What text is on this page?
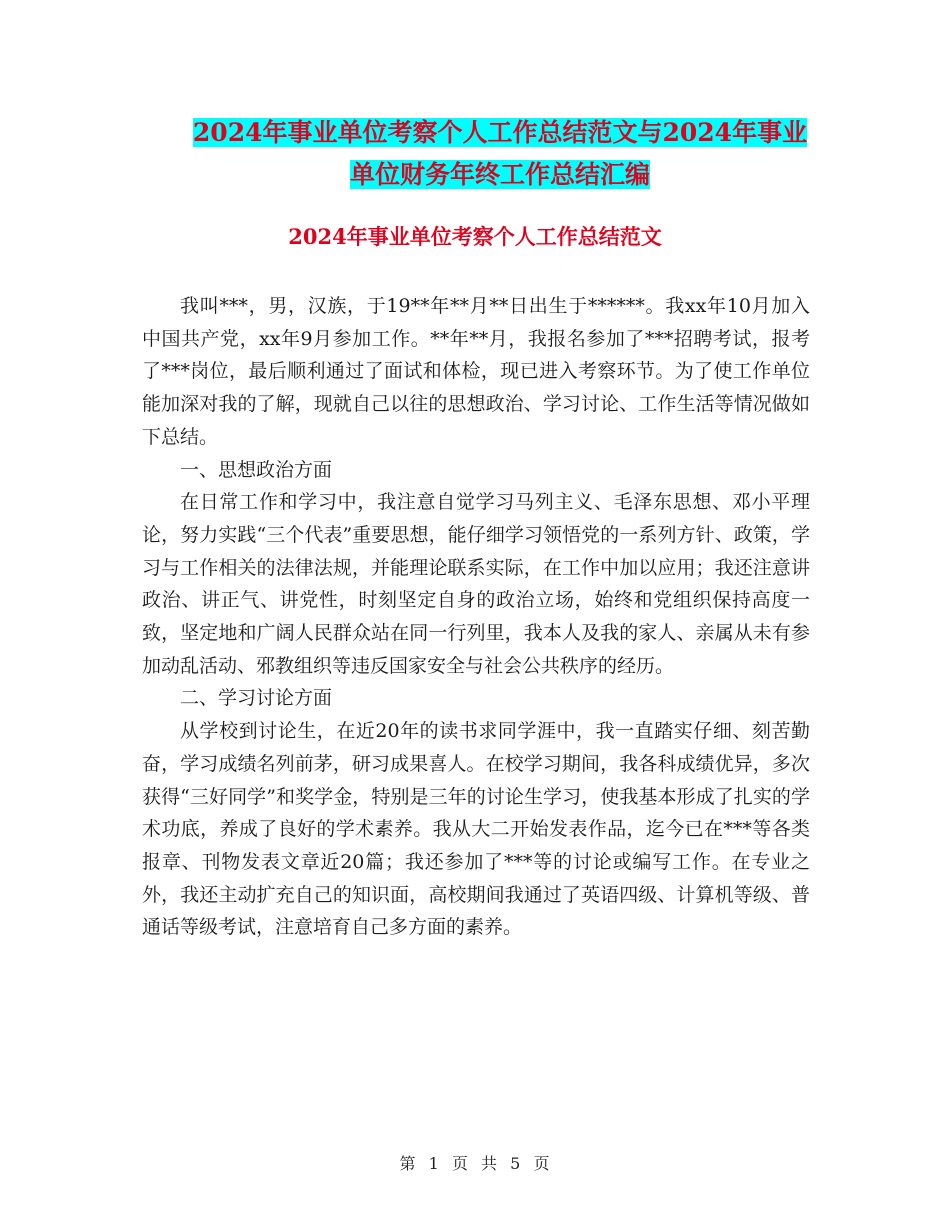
2024年事业单位考察个人工作总结范文与2024年事业
单位财务年终工作总结汇编
2024年事业单位考察个人工作总结范文

我叫***，男，汉族，于19**年**月**日出生于******。我xx年10月加入中国共产党，xx年9月参加工作。**年**月，我报名参加了***招聘考试，报考了***岗位，最后顺利通过了面试和体检，现已进入考察环节。为了使工作单位能加深对我的了解，现就自己以往的思想政治、学习讨论、工作生活等情况做如下总结。

一、思想政治方面

在日常工作和学习中，我注意自觉学习马列主义、毛泽东思想、邓小平理论，努力实践“三个代表”重要思想，能仔细学习领悟党的一系列方针、政策，学习与工作相关的法律法规，并能理论联系实际，在工作中加以应用；我还注意讲政治、讲正气、讲党性，时刻坚定自身的政治立场，始终和党组织保持高度一致，坚定地和广阔人民群众站在同一行列里，我本人及我的家人、亲属从未有参加动乱活动、邪教组织等违反国家安全与社会公共秩序的经历。

二、学习讨论方面

从学校到讨论生，在近20年的读书求同学涯中，我一直踏实仔细、刻苦勤奋，学习成绩名列前茅，研习成果喜人。在校学习期间，我各科成绩优异，多次获得“三好同学”和奖学金，特别是三年的讨论生学习，使我基本形成了扎实的学术功底，养成了良好的学术素养。我从大二开始发表作品，迄今已在***等各类报章、刊物发表文章近20篇；我还参加了***等的讨论或编写工作。在专业之外，我还主动扩充自己的知识面，高校期间我通过了英语四级、计算机等级、普通话等级考试，注意培育自己多方面的素养。

第 1 页 共 5 页
